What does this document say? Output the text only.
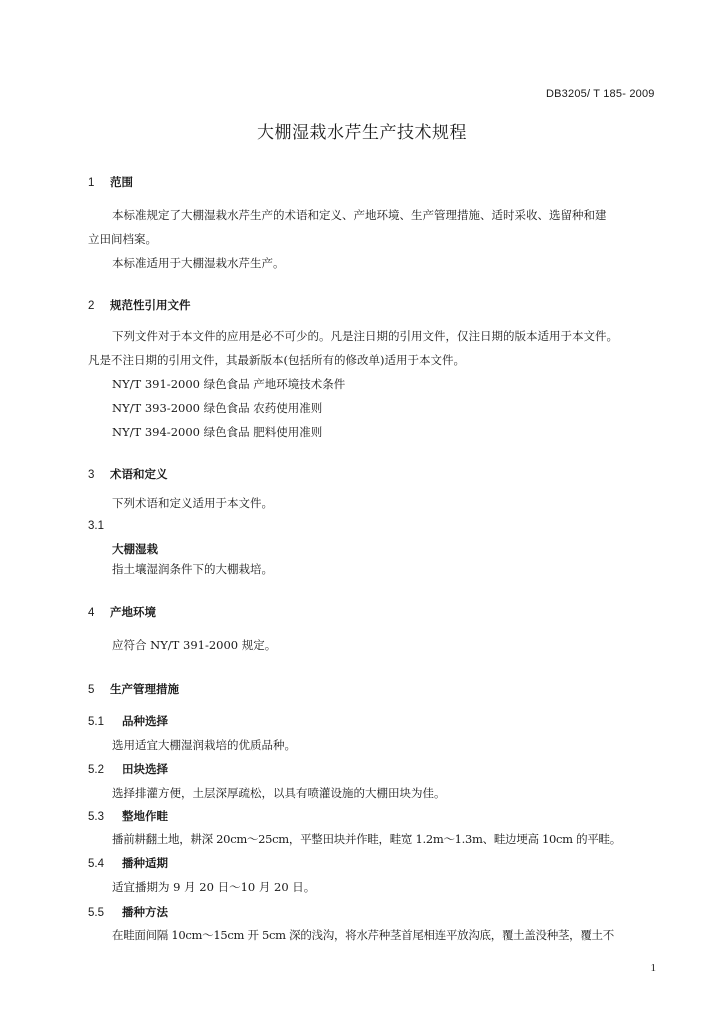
DB3205/ T 185- 2009
大棚湿栽水芹生产技术规程
1 范围
本标准规定了大棚湿栽水芹生产的术语和定义、产地环境、生产管理措施、适时采收、选留种和建
立田间档案。
本标准适用于大棚湿栽水芹生产。
2 规范性引用文件
下列文件对于本文件的应用是必不可少的。凡是注日期的引用文件，仅注日期的版本适用于本文件。
凡是不注日期的引用文件，其最新版本(包括所有的修改单)适用于本文件。
NY/T 391-2000 绿色食品 产地环境技术条件
NY/T 393-2000 绿色食品 农药使用准则
NY/T 394-2000 绿色食品 肥料使用准则
3 术语和定义
下列术语和定义适用于本文件。
3.1
大棚湿栽
指土壤湿润条件下的大棚栽培。
4 产地环境
应符合 NY/T 391-2000 规定。
5 生产管理措施
5.1 品种选择
选用适宜大棚湿润栽培的优质品种。
5.2 田块选择
选择排灌方便，土层深厚疏松，以具有喷灌设施的大棚田块为佳。
5.3 整地作畦
播前耕翻土地，耕深 20cm～25cm，平整田块并作畦，畦宽 1.2m～1.3m、畦边埂高 10cm 的平畦。
5.4 播种适期
适宜播期为 9 月 20 日～10 月 20 日。
5.5 播种方法
在畦面间隔 10cm～15cm 开 5cm 深的浅沟，将水芹种茎首尾相连平放沟底，覆土盖没种茎，覆土不
1
